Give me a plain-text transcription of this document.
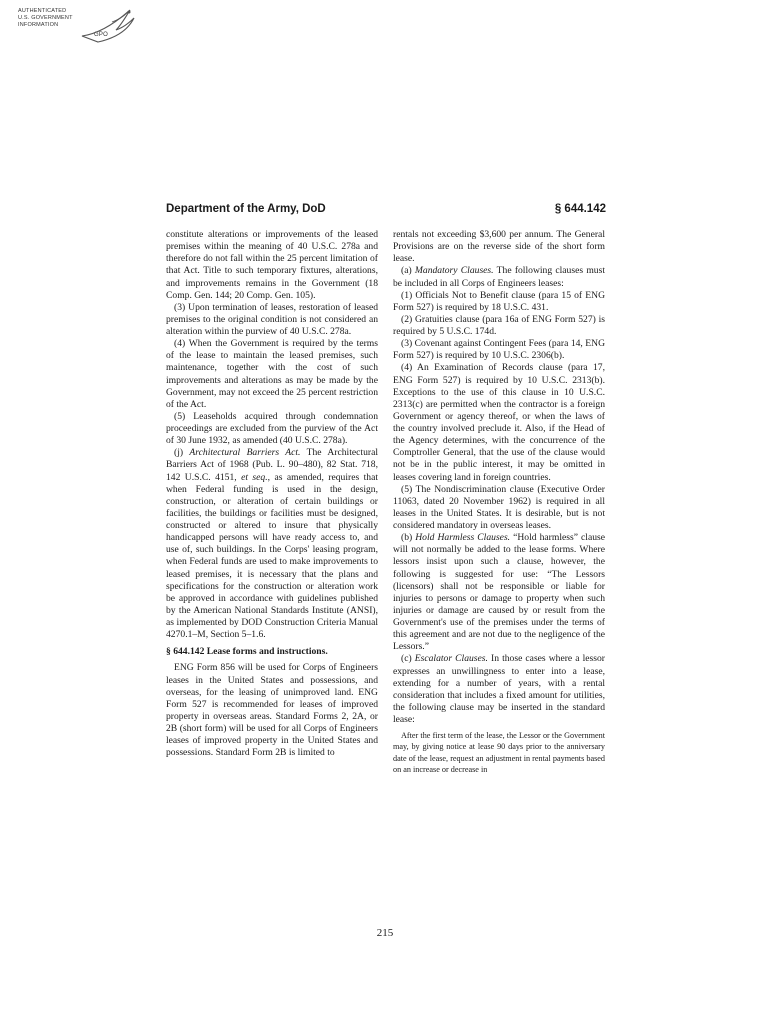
AUTHENTICATED
U.S. GOVERNMENT
INFORMATION
GPO
Department of the Army, DoD	§ 644.142

constitute alterations or improvements of the leased premises within the meaning of 40 U.S.C. 278a and therefore do not fall within the 25 percent limitation of that Act. Title to such temporary fixtures, alterations, and improvements remains in the Government (18 Comp. Gen. 144; 20 Comp. Gen. 105).

(3) Upon termination of leases, restoration of leased premises to the original condition is not considered an alteration within the purview of 40 U.S.C. 278a.

(4) When the Government is required by the terms of the lease to maintain the leased premises, such maintenance, together with the cost of such improvements and alterations as may be made by the Government, may not exceed the 25 percent restriction of the Act.

(5) Leaseholds acquired through condemnation proceedings are excluded from the purview of the Act of 30 June 1932, as amended (40 U.S.C. 278a).

(j) Architectural Barriers Act. The Architectural Barriers Act of 1968 (Pub. L. 90–480), 82 Stat. 718, 142 U.S.C. 4151, et seq., as amended, requires that when Federal funding is used in the design, construction, or alteration of certain buildings or facilities, the buildings or facilities must be designed, constructed or altered to insure that physically handicapped persons will have ready access to, and use of, such buildings. In the Corps' leasing program, when Federal funds are used to make improvements to leased premises, it is necessary that the plans and specifications for the construction or alteration work be approved in accordance with guidelines published by the American National Standards Institute (ANSI), as implemented by DOD Construction Criteria Manual 4270.1–M, Section 5–1.6.

§ 644.142 Lease forms and instructions.

ENG Form 856 will be used for Corps of Engineers leases in the United States and possessions, and overseas, for the leasing of unimproved land. ENG Form 527 is recommended for leases of improved property in overseas areas. Standard Forms 2, 2A, or 2B (short form) will be used for all Corps of Engineers leases of improved property in the United States and possessions. Standard Form 2B is limited to

rentals not exceeding $3,600 per annum. The General Provisions are on the reverse side of the short form lease.

(a) Mandatory Clauses. The following clauses must be included in all Corps of Engineers leases:

(1) Officials Not to Benefit clause (para 15 of ENG Form 527) is required by 18 U.S.C. 431.

(2) Gratuities clause (para 16a of ENG Form 527) is required by 5 U.S.C. 174d.

(3) Covenant against Contingent Fees (para 14, ENG Form 527) is required by 10 U.S.C. 2306(b).

(4) An Examination of Records clause (para 17, ENG Form 527) is required by 10 U.S.C. 2313(b). Exceptions to the use of this clause in 10 U.S.C. 2313(c) are permitted when the contractor is a foreign Government or agency thereof, or when the laws of the country involved preclude it. Also, if the Head of the Agency determines, with the concurrence of the Comptroller General, that the use of the clause would not be in the public interest, it may be omitted in leases covering land in foreign countries.

(5) The Nondiscrimination clause (Executive Order 11063, dated 20 November 1962) is required in all leases in the United States. It is desirable, but is not considered mandatory in overseas leases.

(b) Hold Harmless Clauses. “Hold harmless” clause will not normally be added to the lease forms. Where lessors insist upon such a clause, however, the following is suggested for use: “The Lessors (licensors) shall not be responsible or liable for injuries to persons or damage to property when such injuries or damage are caused by or result from the Government's use of the premises under the terms of this agreement and are not due to the negligence of the Lessors.”

(c) Escalator Clauses. In those cases where a lessor expresses an unwillingness to enter into a lease, extending for a number of years, with a rental consideration that includes a fixed amount for utilities, the following clause may be inserted in the standard lease:

After the first term of the lease, the Lessor or the Government may, by giving notice at lease 90 days prior to the anniversary date of the lease, request an adjustment in rental payments based on an increase or decrease in

215
